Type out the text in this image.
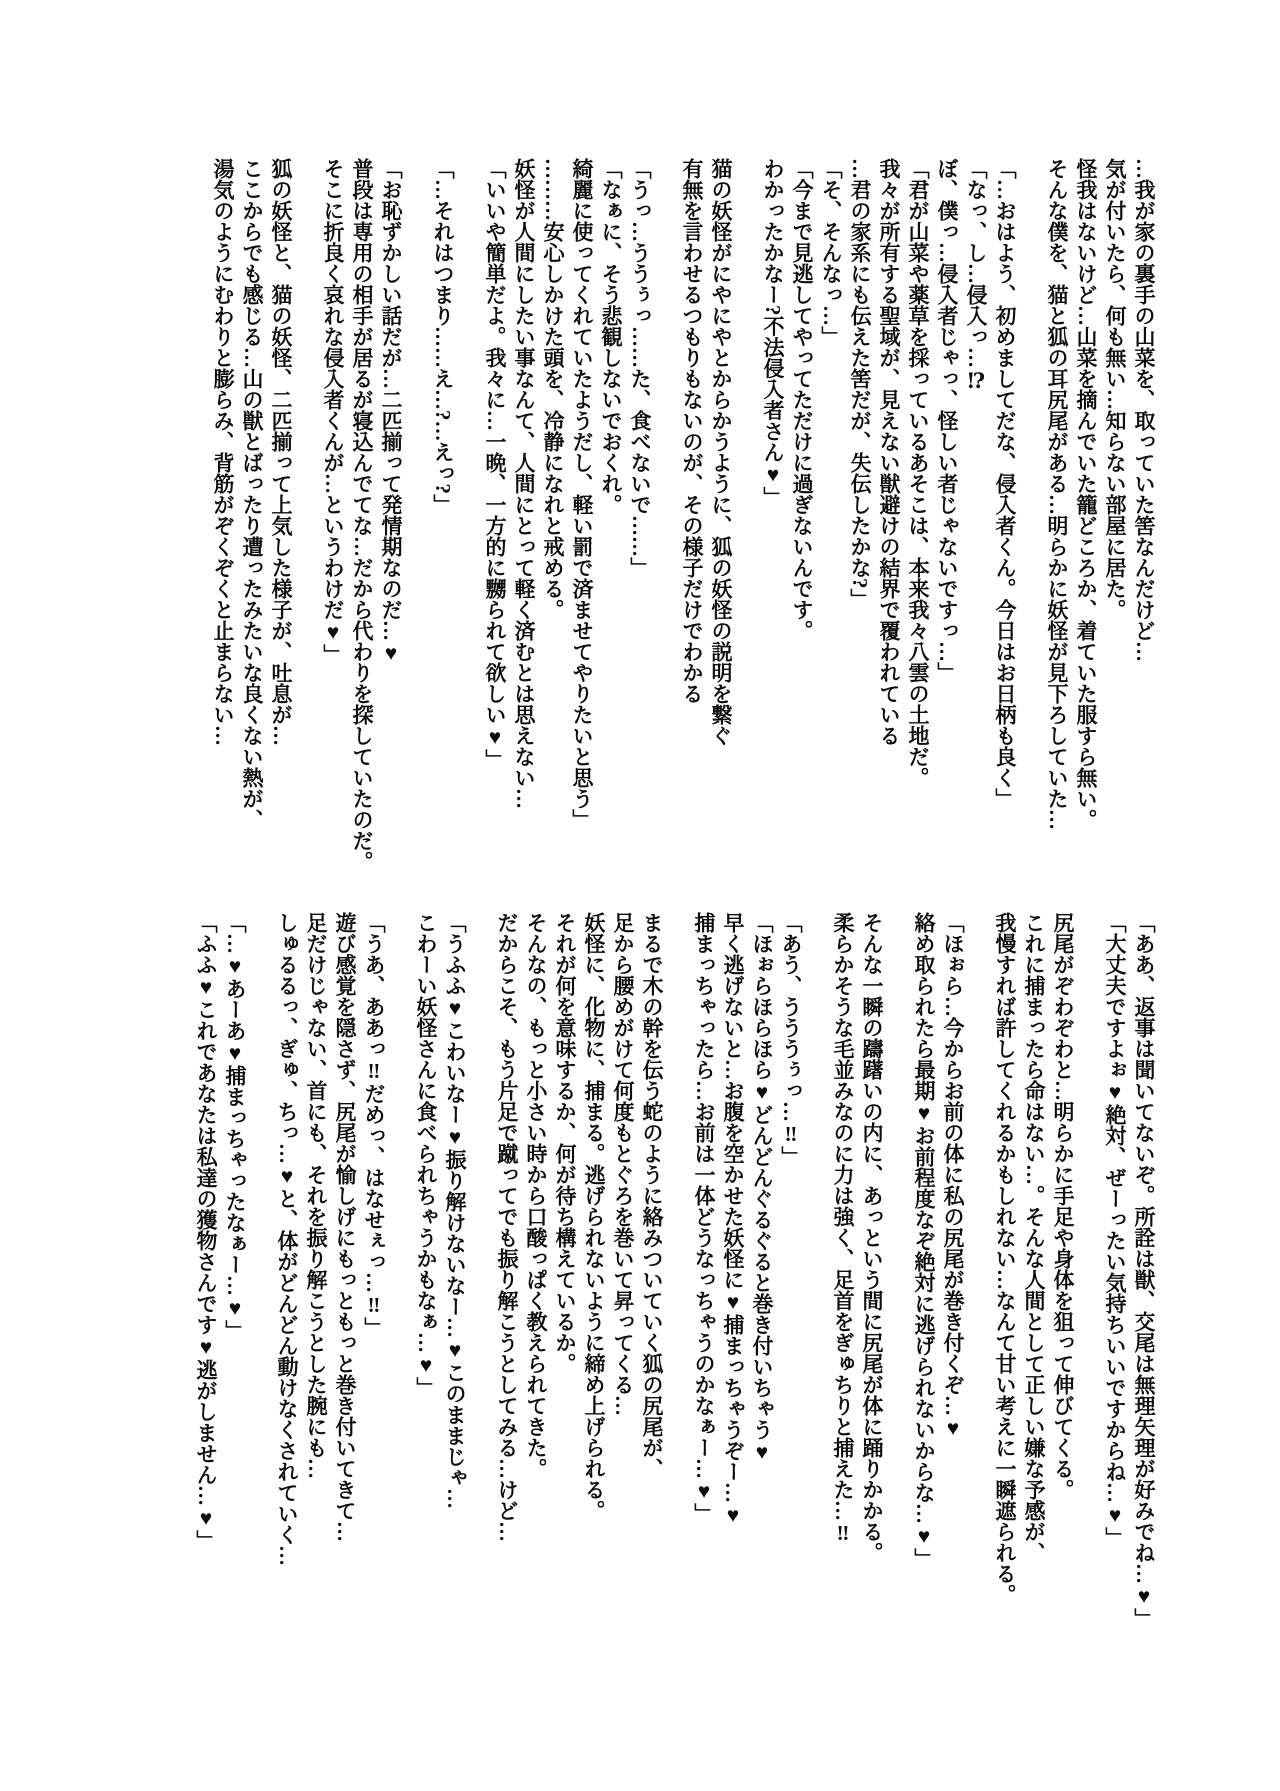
…我が家の裏手の山菜を、取っていた筈なんだけど…

気が付いたら、何も無い…知らない部屋に居た。

怪我はないけど…山菜を摘んでいた籠どころか、着ていた服すら無い。

そんな僕を、猫と狐の耳尻尾がある…明らかに妖怪が見下ろしていた…

「…おはよう、初めましてだな、侵入者くん。今日はお日柄も良く」

「なっ、し…侵入っ…⁉

ぼ、僕っ…侵入者じゃっ、怪しい者じゃないですっ…」

「君が山菜や薬草を採っているあそこは、本来我々八雲の土地だ。

我々が所有する聖域が、見えない獣避けの結界で覆われている

…君の家系にも伝えた筈だが、失伝したかな?」

「そ、そんなっ…」

「今まで見逃してやってただけに過ぎないんです。

わかったかなー?不法侵入者さん♥」

猫の妖怪がにやにやとからかうように、狐の妖怪の説明を繋ぐ

有無を言わせるつもりもないのが、その様子だけでわかる

「うっ…ううぅっ……た、食べないで……」

「なぁに、そう悲観しないでおくれ。

綺麗に使ってくれていたようだし、軽い罰で済ませてやりたいと思う」

………安心しかけた頭を、冷静になれと戒める。

妖怪が人間にしたい事なんて、人間にとって軽く済むとは思えない…

「いいや簡単だよ。我々に…一晩、一方的に嬲られて欲しい♥」

「…それはつまり……え…?…えっ?」

「お恥ずかしい話だが…二匹揃って発情期なのだ…♥

普段は専用の相手が居るが寝込んでてな…だから代わりを探していたのだ。

そこに折良く哀れな侵入者くんが…というわけだ♥」

狐の妖怪と、猫の妖怪、二匹揃って上気した様子が、吐息が…

ここからでも感じる…山の獣とばったり遭ったみたいな良くない熱が、

湯気のようにむわりと膨らみ、背筋がぞくぞくと止まらない…

「ああ、返事は聞いてないぞ。所詮は獣、交尾は無理矢理が好みでね…♥」

「大丈夫ですよぉ♥絶対、ぜーったい気持ちいいですからね…♥」

尻尾がぞわぞわと…明らかに手足や身体を狙って伸びてくる。

これに捕まったら命はない…。そんな人間として正しい嫌な予感が、

我慢すれば許してくれるかもしれない…なんて甘い考えに一瞬遮られる。

「ほぉら…今からお前の体に私の尻尾が巻き付くぞ…♥

絡め取られたら最期♥お前程度なぞ絶対に逃げられないからな…♥」

そんな一瞬の躊躇いの内に、あっという間に尻尾が体に踊りかかる。

柔らかそうな毛並みなのに力は強く、足首をぎゅちりと捕えた…‼

「あう、うううぅっ…‼」

「ほぉらほらほら♥どんどんぐるぐると巻き付いちゃう♥

早く逃げないと…お腹を空かせた妖怪に♥捕まっちゃうぞー…♥

捕まっちゃったら…お前は一体どうなっちゃうのかなぁー…♥」

まるで木の幹を伝う蛇のように絡みついていく狐の尻尾が、

足から腰めがけて何度もとぐろを巻いて昇ってくる…

妖怪に、化物に、捕まる。逃げられないように締め上げられる。

それが何を意味するか、何が待ち構えているか。

そんなの、もっと小さい時から口酸っぱく教えられてきた。

だからこそ、もう片足で蹴ってでも振り解こうとしてみる…けど…

「うふふ♥こわいなー♥振り解けないなー…♥このままじゃ…

こわーい妖怪さんに食べられちゃうかもなぁ…♥」

「うあ、ああっ‼だめっ、はなせぇっ…‼」

遊び感覚を隠さず、尻尾が愉しげにもっともっと巻き付いてきて…

足だけじゃない、首にも、それを振り解こうとした腕にも…

しゅるるっ、ぎゅ、ちっ…♥と、体がどんどん動けなくされていく…

「…♥あーあ♥捕まっちゃったなぁー…♥」

「ふふ♥これであなたは私達の獲物さんです♥逃がしません…♥」
